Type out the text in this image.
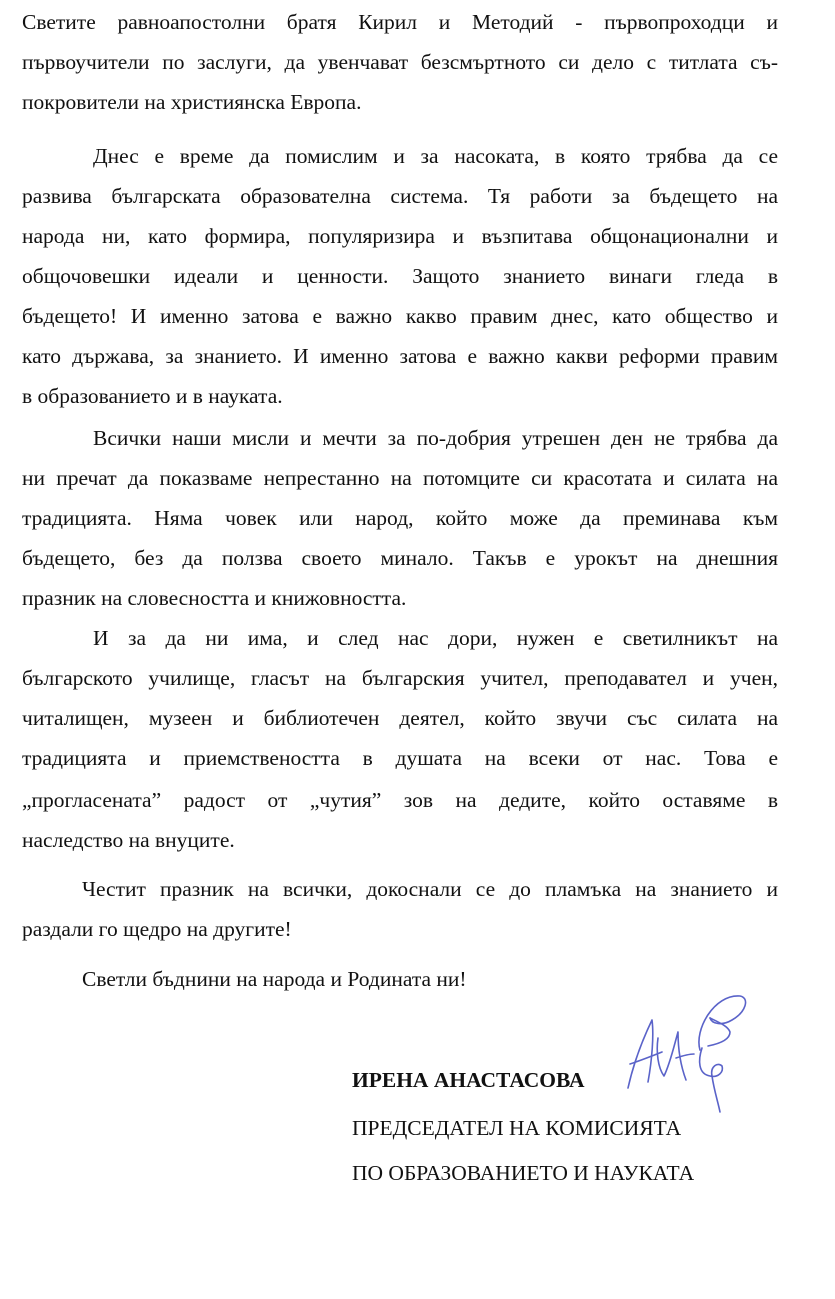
Светите равноапостолни братя Кирил и Методий - първопроходци и
първоучители по заслуги, да увенчават безсмъртното си дело с титлата съ-
покровители на християнска Европа.
Днес е време да помислим и за насоката, в която трябва да се
развива българската образователна система. Тя работи за бъдещето на
народа ни, като формира, популяризира и възпитава общонационални и
общочовешки идеали и ценности. Защото знанието винаги гледа в
бъдещето! И именно затова е важно какво правим днес, като общество и
като държава, за знанието. И именно затова е важно какви реформи правим
в образованието и в науката.
Всички наши мисли и мечти за по-добрия утрешен ден не трябва да
ни пречат да показваме непрестанно на потомците си красотата и силата на
традицията. Няма човек или народ, който може да преминава към
бъдещето, без да ползва своето минало. Такъв е урокът на днешния
празник на словесността и книжовността.
И за да ни има, и след нас дори, нужен е светилникът на
българското училище, гласът на българския учител, преподавател и учен,
читалищен, музеен и библиотечен деятел, който звучи със силата на
традицията и приемствеността в душата на всеки от нас. Това е
„прогласената” радост от „чутия” зов на дедите, който оставяме в
наследство на внуците.
Честит празник на всички, докоснали се до пламъка на знанието и
раздали го щедро на другите!
Светли бъднини на народа и Родината ни!
ИРЕНА АНАСТАСОВА
ПРЕДСЕДАТЕЛ НА КОМИСИЯТА
ПО ОБРАЗОВАНИЕТО И НАУКАТА
